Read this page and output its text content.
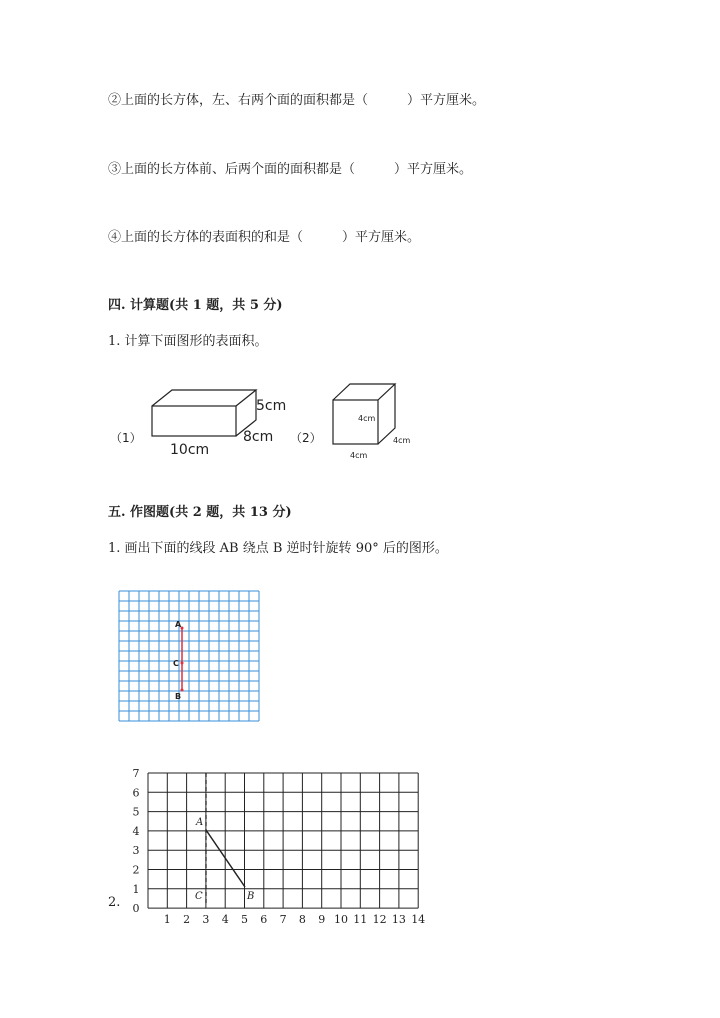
②上面的长方体，左、右两个面的面积都是（　　　）平方厘米。
③上面的长方体前、后两个面的面积都是（　　　）平方厘米。
④上面的长方体的表面积的和是（　　　）平方厘米。
四. 计算题(共 1 题，共 5 分)
1. 计算下面图形的表面积。
（1）
5cm
8cm
10cm
（2）
4cm
4cm
4cm
五. 作图题(共 2 题，共 13 分)
1. 画出下面的线段 AB 绕点 B 逆时针旋转 90° 后的图形。
A
C
B
2.
7
6
5
4
3
2
1
0
1 2 3 4 5 6 7 8 9 10 11 12 13 14
A
B
C
